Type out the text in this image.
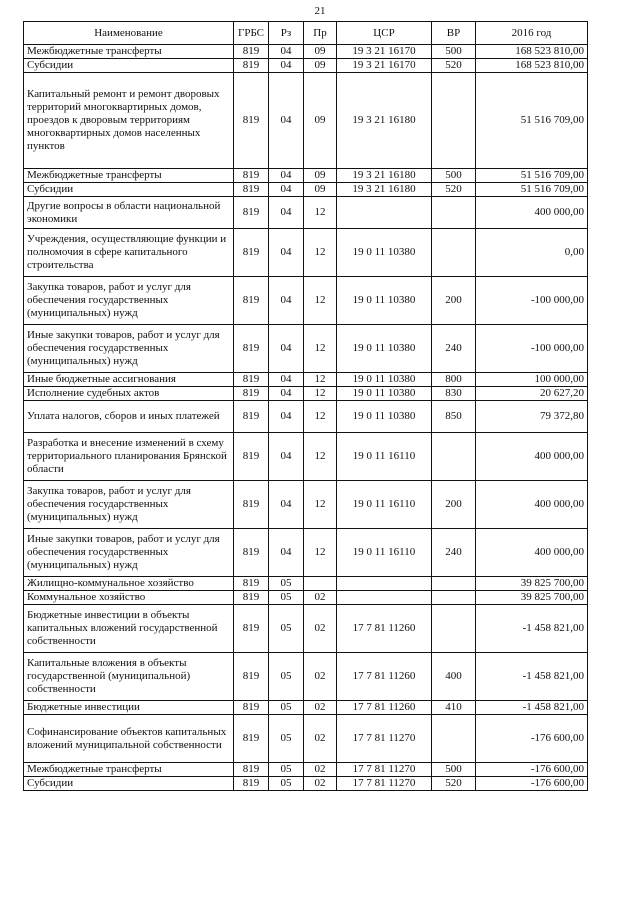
21
Наименование	ГРБС	Рз	Пр	ЦСР	ВР	2016 год
Межбюджетные трансферты	819	04	09	19 3 21 16170	500	168 523 810,00
Субсидии	819	04	09	19 3 21 16170	520	168 523 810,00
Капитальный ремонт и ремонт дворовых территорий многоквартирных домов, проездов к дворовым территориям многоквартирных домов населенных пунктов	819	04	09	19 3 21 16180		51 516 709,00
Межбюджетные трансферты	819	04	09	19 3 21 16180	500	51 516 709,00
Субсидии	819	04	09	19 3 21 16180	520	51 516 709,00
Другие вопросы в области национальной экономики	819	04	12			400 000,00
Учреждения, осуществляющие функции и полномочия в сфере капитального строительства	819	04	12	19 0 11 10380		0,00
Закупка товаров, работ и услуг для обеспечения государственных (муниципальных) нужд	819	04	12	19 0 11 10380	200	-100 000,00
Иные закупки товаров, работ и услуг для обеспечения государственных (муниципальных) нужд	819	04	12	19 0 11 10380	240	-100 000,00
Иные бюджетные ассигнования	819	04	12	19 0 11 10380	800	100 000,00
Исполнение судебных актов	819	04	12	19 0 11 10380	830	20 627,20
Уплата налогов, сборов и иных платежей	819	04	12	19 0 11 10380	850	79 372,80
Разработка и внесение изменений в схему территориального планирования Брянской области	819	04	12	19 0 11 16110		400 000,00
Закупка товаров, работ и услуг для обеспечения государственных (муниципальных) нужд	819	04	12	19 0 11 16110	200	400 000,00
Иные закупки товаров, работ и услуг для обеспечения государственных (муниципальных) нужд	819	04	12	19 0 11 16110	240	400 000,00
Жилищно-коммунальное хозяйство	819	05				39 825 700,00
Коммунальное хозяйство	819	05	02			39 825 700,00
Бюджетные инвестиции в объекты капитальных вложений государственной собственности	819	05	02	17 7 81 11260		-1 458 821,00
Капитальные вложения в объекты государственной (муниципальной) собственности	819	05	02	17 7 81 11260	400	-1 458 821,00
Бюджетные инвестиции	819	05	02	17 7 81 11260	410	-1 458 821,00
Софинансирование объектов капитальных вложений муниципальной собственности	819	05	02	17 7 81 11270		-176 600,00
Межбюджетные трансферты	819	05	02	17 7 81 11270	500	-176 600,00
Субсидии	819	05	02	17 7 81 11270	520	-176 600,00
